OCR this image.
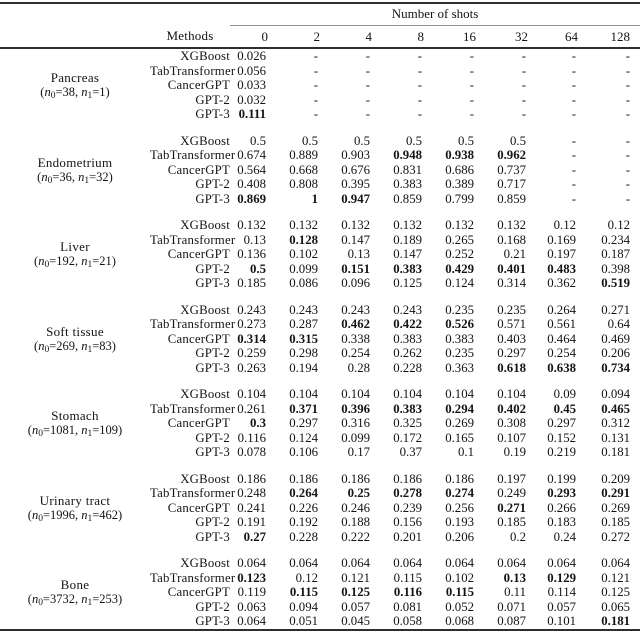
		Number of shots							
	Methods	0	2	4	8	16	32	64	128

Pancreas
($n_0=38$, $n_1=1$)	XGBoost	0.026	-	-	-	-	-	-	-
	TabTransformer	0.056	-	-	-	-	-	-	-
	CancerGPT	0.033	-	-	-	-	-	-	-
	GPT-2	0.032	-	-	-	-	-	-	-
	GPT-3	0.111	-	-	-	-	-	-	-

Endometrium
($n_0=36$, $n_1=32$)	XGBoost	0.5	0.5	0.5	0.5	0.5	0.5	-	-
	TabTransformer	0.674	0.889	0.903	0.948	0.938	0.962	-	-
	CancerGPT	0.564	0.668	0.676	0.831	0.686	0.737	-	-
	GPT-2	0.408	0.808	0.395	0.383	0.389	0.717	-	-
	GPT-3	0.869	1	0.947	0.859	0.799	0.859	-	-

Liver
($n_0=192$, $n_1=21$)	XGBoost	0.132	0.132	0.132	0.132	0.132	0.132	0.12	0.12
	TabTransformer	0.13	0.128	0.147	0.189	0.265	0.168	0.169	0.234
	CancerGPT	0.136	0.102	0.13	0.147	0.252	0.21	0.197	0.187
	GPT-2	0.5	0.099	0.151	0.383	0.429	0.401	0.483	0.398
	GPT-3	0.185	0.086	0.096	0.125	0.124	0.314	0.362	0.519

Soft tissue
($n_0=269$, $n_1=83$)	XGBoost	0.243	0.243	0.243	0.243	0.235	0.235	0.264	0.271
	TabTransformer	0.273	0.287	0.462	0.422	0.526	0.571	0.561	0.64
	CancerGPT	0.314	0.315	0.338	0.383	0.383	0.403	0.464	0.469
	GPT-2	0.259	0.298	0.254	0.262	0.235	0.297	0.254	0.206
	GPT-3	0.263	0.194	0.28	0.228	0.363	0.618	0.638	0.734

Stomach
($n_0=1081$, $n_1=109$)	XGBoost	0.104	0.104	0.104	0.104	0.104	0.104	0.09	0.094
	TabTransformer	0.261	0.371	0.396	0.383	0.294	0.402	0.45	0.465
	CancerGPT	0.3	0.297	0.316	0.325	0.269	0.308	0.297	0.312
	GPT-2	0.116	0.124	0.099	0.172	0.165	0.107	0.152	0.131
	GPT-3	0.078	0.106	0.17	0.37	0.1	0.19	0.219	0.181

Urinary tract
($n_0=1996$, $n_1=462$)	XGBoost	0.186	0.186	0.186	0.186	0.186	0.197	0.199	0.209
	TabTransformer	0.248	0.264	0.25	0.278	0.274	0.249	0.293	0.291
	CancerGPT	0.241	0.226	0.246	0.239	0.256	0.271	0.266	0.269
	GPT-2	0.191	0.192	0.188	0.156	0.193	0.185	0.183	0.185
	GPT-3	0.27	0.228	0.222	0.201	0.206	0.2	0.24	0.272

Bone
($n_0=3732$, $n_1=253$)	XGBoost	0.064	0.064	0.064	0.064	0.064	0.064	0.064	0.064
	TabTransformer	0.123	0.12	0.121	0.115	0.102	0.13	0.129	0.121
	CancerGPT	0.119	0.115	0.125	0.116	0.115	0.11	0.114	0.125
	GPT-2	0.063	0.094	0.057	0.081	0.052	0.071	0.057	0.065
	GPT-3	0.064	0.051	0.045	0.058	0.068	0.087	0.101	0.181
